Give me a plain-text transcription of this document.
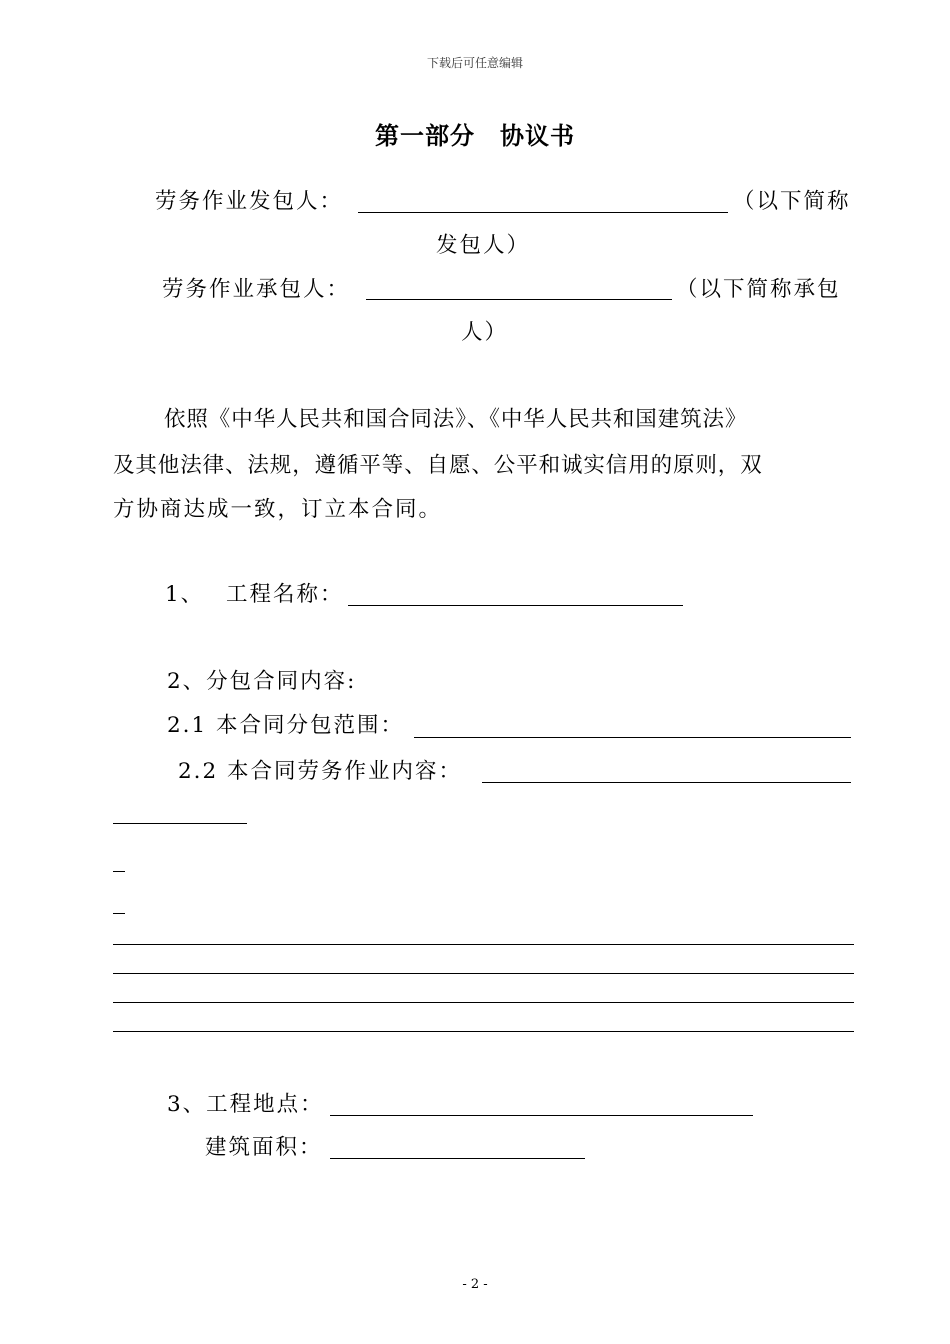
下载后可任意编辑
第一部分　协议书
劳务作业发包人：	（以下简称
发包人）
劳务作业承包人：	（以下简称承包
人）
依照《中华人民共和国合同法》、《中华人民共和国建筑法》
及其他法律、法规，遵循平等、自愿、公平和诚实信用的原则，双
方协商达成一致，订立本合同。
1、 工程名称：
2、分包合同内容:
2.1 本合同分包范围：
2.2 本合同劳务作业内容：
3、工程地点：
建筑面积：
- 2 -
